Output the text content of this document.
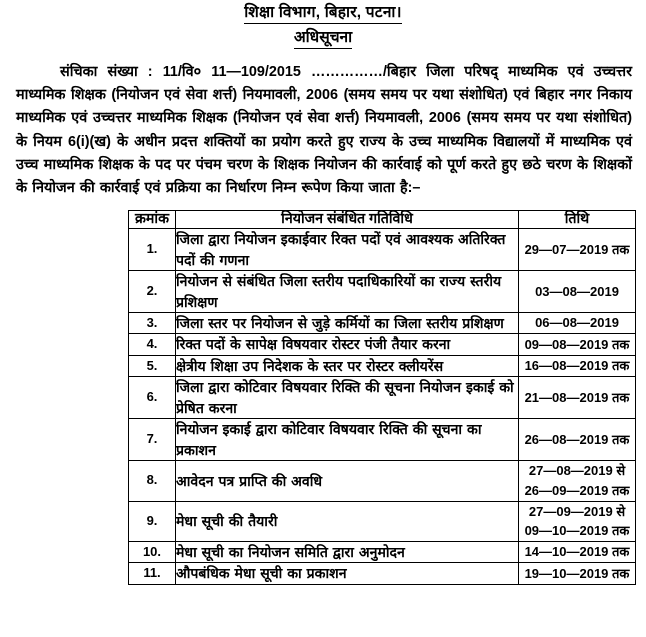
शिक्षा विभाग, बिहार, पटना।
अधिसूचना
संचिका संख्या : 11/वि० 11—109/2015 ……………/बिहार जिला परिषद् माध्यमिक एवं उच्चत्तर माध्यमिक शिक्षक (नियोजन एवं सेवा शर्त्त) नियमावली, 2006 (समय समय पर यथा संशोधित) एवं बिहार नगर निकाय माध्यमिक एवं उच्चत्तर माध्यमिक शिक्षक (नियोजन एवं सेवा शर्त्त) नियमावली, 2006 (समय समय पर यथा संशोधित) के नियम 6(i)(ख) के अधीन प्रदत्त शक्तियों का प्रयोग करते हुए राज्य के उच्च माध्यमिक विद्यालयों में माध्यमिक एवं उच्च माध्यमिक शिक्षक के पद पर पंचम चरण के शिक्षक नियोजन की कार्रवाई को पूर्ण करते हुए छठे चरण के शिक्षकों के नियोजन की कार्रवाई एवं प्रक्रिया का निर्धारण निम्न रूपेण किया जाता है:–
क्रमांक	नियोजन संबंधित गतिविधि	तिथि
1.	जिला द्वारा नियोजन इकाईवार रिक्त पदों एवं आवश्यक अतिरिक्त पदों की गणना	29—07—2019 तक

2.	नियोजन से संबंधित जिला स्तरीय पदाधिकारियों का राज्य स्तरीय प्रशिक्षण	03—08—2019

3.	जिला स्तर पर नियोजन से जुड़े कर्मियों का जिला स्तरीय प्रशिक्षण	06—08—2019

4.	रिक्त पदों के सापेक्ष विषयवार रोस्टर पंजी तैयार करना	09—08—2019 तक

5.	क्षेत्रीय शिक्षा उप निदेशक के स्तर पर रोस्टर क्लीयरेंस	16—08—2019 तक

6.	जिला द्वारा कोटिवार विषयवार रिक्ति की सूचना नियोजन इकाई को प्रेषित करना	21—08—2019 तक

7.	नियोजन इकाई द्वारा कोटिवार विषयवार रिक्ति की सूचना का प्रकाशन	26—08—2019 तक

8.	आवेदन पत्र प्राप्ति की अवधि	27—08—2019 से
26—09—2019 तक

9.	मेधा सूची की तैयारी	27—09—2019 से
09—10—2019 तक

10.	मेधा सूची का नियोजन समिति द्वारा अनुमोदन	14—10—2019 तक

11.	औपबंधिक मेधा सूची का प्रकाशन	19—10—2019 तक
